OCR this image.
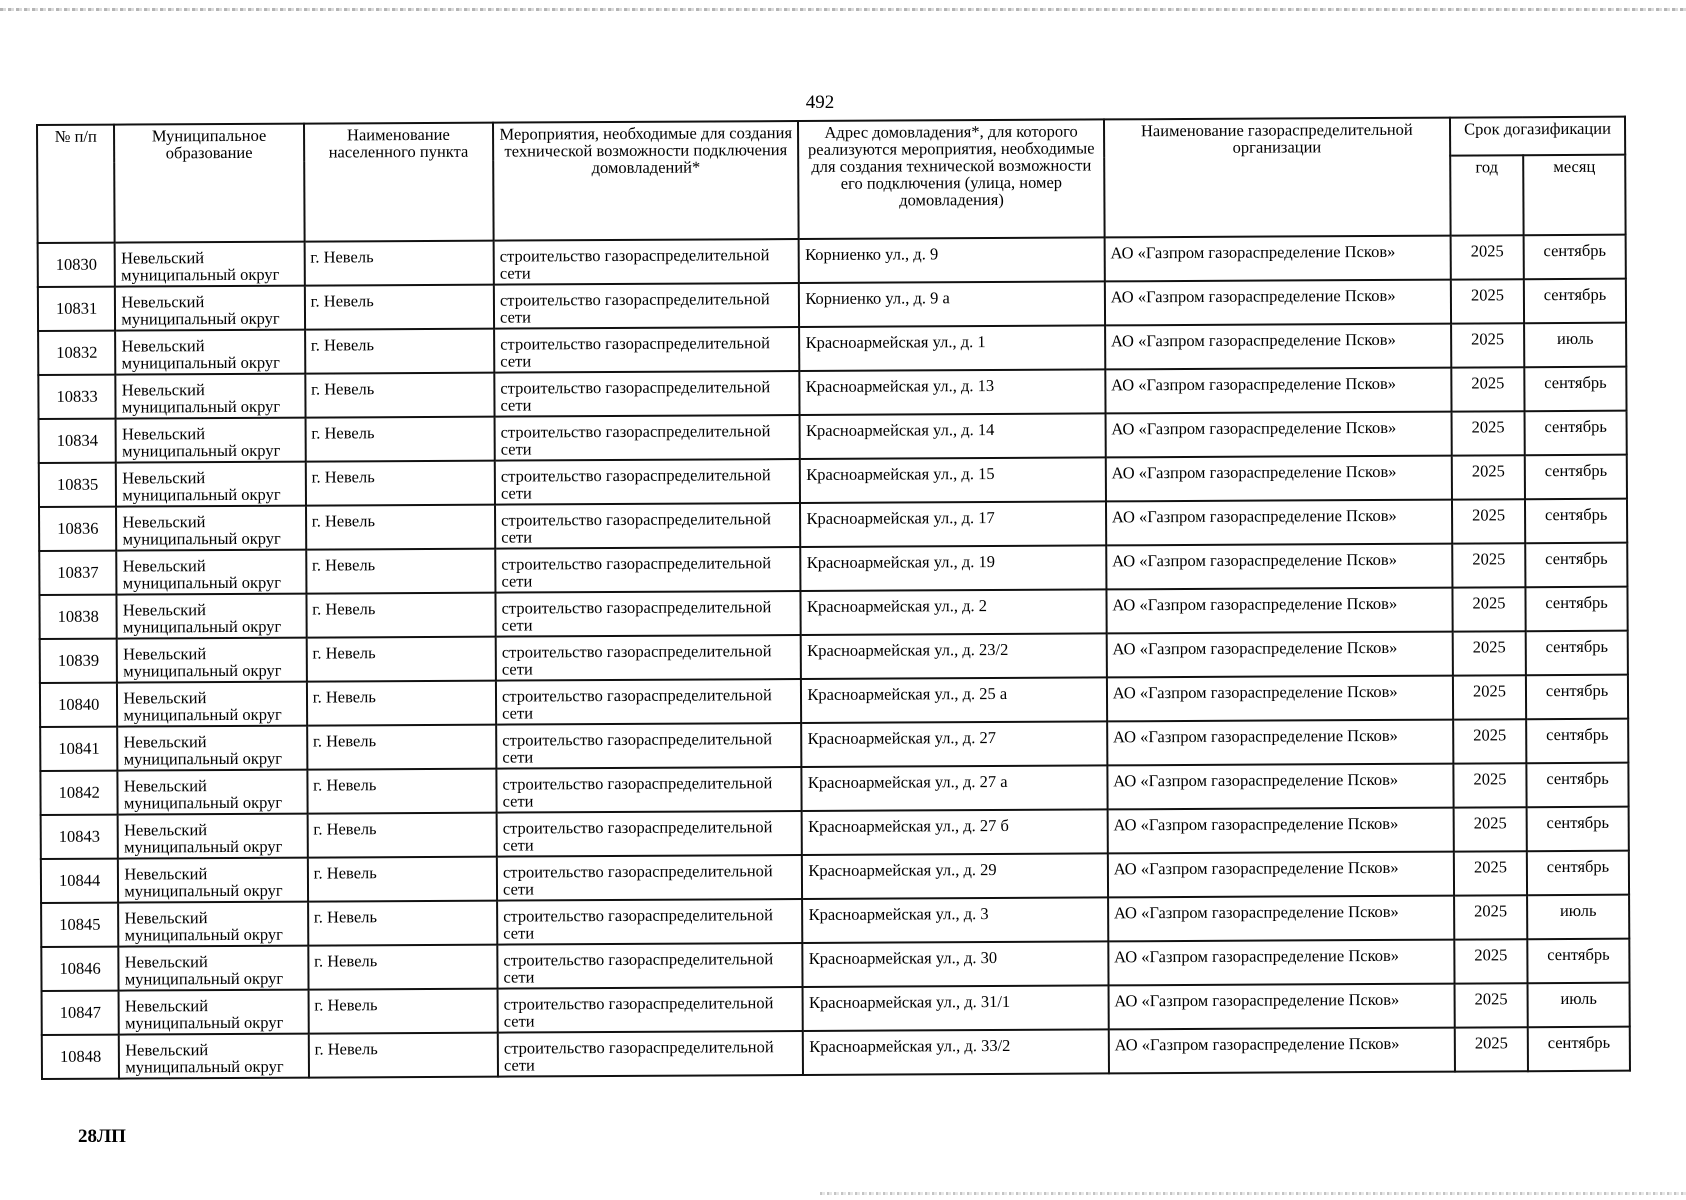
492
№ п/п	Муниципальное образование	Наименование населенного пункта	Мероприятия, необходимые для создания технической возможности подключения домовладений*	Адрес домовладения*, для которого реализуются мероприятия, необходимые для создания технической возможности его подключения (улица, номер домовладения)	Наименование газораспределительной организации	Срок догазификации	
						год	месяц
10830	Невельский муниципальный округ	г. Невель	строительство газораспределительной сети	Корниенко ул., д. 9	АО «Газпром газораспределение Псков»	2025	сентябрь
10831	Невельский муниципальный округ	г. Невель	строительство газораспределительной сети	Корниенко ул., д. 9 а	АО «Газпром газораспределение Псков»	2025	сентябрь
10832	Невельский муниципальный округ	г. Невель	строительство газораспределительной сети	Красноармейская ул., д. 1	АО «Газпром газораспределение Псков»	2025	июль
10833	Невельский муниципальный округ	г. Невель	строительство газораспределительной сети	Красноармейская ул., д. 13	АО «Газпром газораспределение Псков»	2025	сентябрь
10834	Невельский муниципальный округ	г. Невель	строительство газораспределительной сети	Красноармейская ул., д. 14	АО «Газпром газораспределение Псков»	2025	сентябрь
10835	Невельский муниципальный округ	г. Невель	строительство газораспределительной сети	Красноармейская ул., д. 15	АО «Газпром газораспределение Псков»	2025	сентябрь
10836	Невельский муниципальный округ	г. Невель	строительство газораспределительной сети	Красноармейская ул., д. 17	АО «Газпром газораспределение Псков»	2025	сентябрь
10837	Невельский муниципальный округ	г. Невель	строительство газораспределительной сети	Красноармейская ул., д. 19	АО «Газпром газораспределение Псков»	2025	сентябрь
10838	Невельский муниципальный округ	г. Невель	строительство газораспределительной сети	Красноармейская ул., д. 2	АО «Газпром газораспределение Псков»	2025	сентябрь
10839	Невельский муниципальный округ	г. Невель	строительство газораспределительной сети	Красноармейская ул., д. 23/2	АО «Газпром газораспределение Псков»	2025	сентябрь
10840	Невельский муниципальный округ	г. Невель	строительство газораспределительной сети	Красноармейская ул., д. 25 а	АО «Газпром газораспределение Псков»	2025	сентябрь
10841	Невельский муниципальный округ	г. Невель	строительство газораспределительной сети	Красноармейская ул., д. 27	АО «Газпром газораспределение Псков»	2025	сентябрь
10842	Невельский муниципальный округ	г. Невель	строительство газораспределительной сети	Красноармейская ул., д. 27 а	АО «Газпром газораспределение Псков»	2025	сентябрь
10843	Невельский муниципальный округ	г. Невель	строительство газораспределительной сети	Красноармейская ул., д. 27 б	АО «Газпром газораспределение Псков»	2025	сентябрь
10844	Невельский муниципальный округ	г. Невель	строительство газораспределительной сети	Красноармейская ул., д. 29	АО «Газпром газораспределение Псков»	2025	сентябрь
10845	Невельский муниципальный округ	г. Невель	строительство газораспределительной сети	Красноармейская ул., д. 3	АО «Газпром газораспределение Псков»	2025	июль
10846	Невельский муниципальный округ	г. Невель	строительство газораспределительной сети	Красноармейская ул., д. 30	АО «Газпром газораспределение Псков»	2025	сентябрь
10847	Невельский муниципальный округ	г. Невель	строительство газораспределительной сети	Красноармейская ул., д. 31/1	АО «Газпром газораспределение Псков»	2025	июль
10848	Невельский муниципальный округ	г. Невель	строительство газораспределительной сети	Красноармейская ул., д. 33/2	АО «Газпром газораспределение Псков»	2025	сентябрь
28ЛП
